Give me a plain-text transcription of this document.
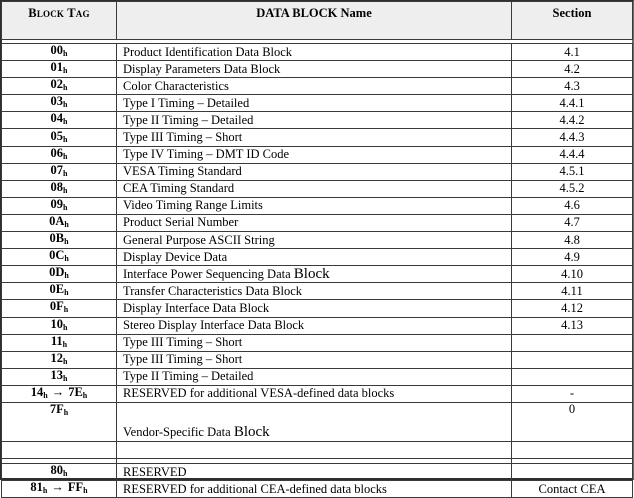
Block Tag	DATA BLOCK Name	Section

$00_h$	Product Identification Data Block	4.1
$01_h$	Display Parameters Data Block	4.2
$02_h$	Color Characteristics	4.3
$03_h$	Type I Timing – Detailed	4.4.1
$04_h$	Type II Timing – Detailed	4.4.2
$05_h$	Type III Timing – Short	4.4.3
$06_h$	Type IV Timing – DMT ID Code	4.4.4
$07_h$	VESA Timing Standard	4.5.1
$08_h$	CEA Timing Standard	4.5.2
$09_h$	Video Timing Range Limits	4.6
$0A_h$	Product Serial Number	4.7
$0B_h$	General Purpose ASCII String	4.8
$0C_h$	Display Device Data	4.9
$0D_h$	Interface Power Sequencing Data Block	4.10
$0E_h$	Transfer Characteristics Data Block	4.11
$0F_h$	Display Interface Data Block	4.12
$10_h$	Stereo Display Interface Data Block	4.13
$11_h$	Type III Timing – Short	
$12_h$	Type III Timing – Short	
$13_h$	Type II Timing – Detailed	
$14_h \to 7E_h$	RESERVED for additional VESA-defined data blocks	-
$7F_h$	Vendor-Specific Data Block	0

$80_h$	RESERVED	
$81_h \to FF_h$	RESERVED for additional CEA-defined data blocks	Contact CEA
